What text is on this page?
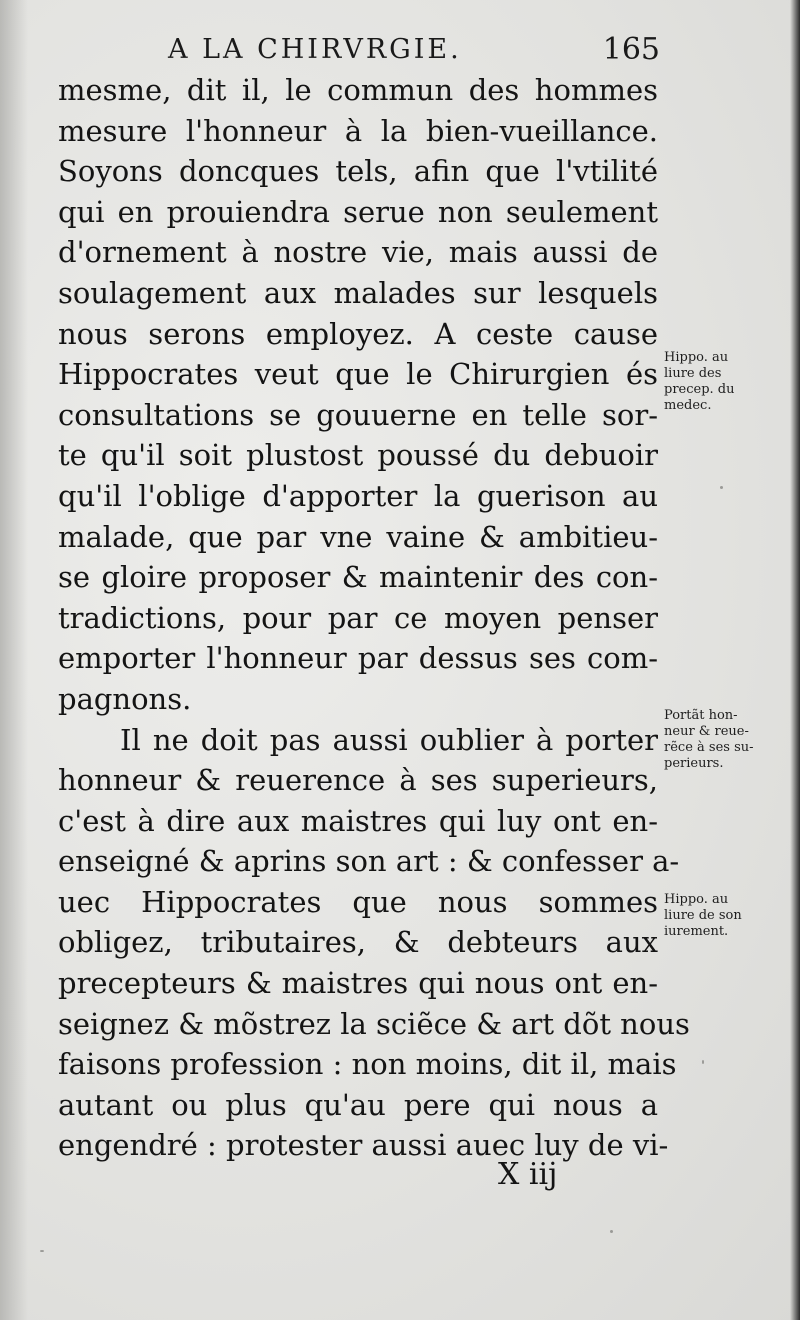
A LA CHIRVRGIE.	165
mesme, dit il, le commun des hommes
mesure l'honneur à la bien-vueillance.
Soyons doncques tels, afin que l'vtilité
qui en prouiendra serue non seulement
d'ornement à nostre vie, mais aussi de
soulagement aux malades sur lesquels
nous serons employez. A ceste cause
Hippocrates veut que le Chirurgien és
consultations se gouuerne en telle sor-
te qu'il soit plustost poussé du debuoir
qu'il l'oblige d'apporter la guerison au
malade, que par vne vaine & ambitieu-
se gloire proposer & maintenir des con-
tradictions, pour par ce moyen penser
emporter l'honneur par dessus ses com-
pagnons.
Il ne doit pas aussi oublier à porter
honneur & reuerence à ses superieurs,
c'est à dire aux maistres qui luy ont en-
enseigné & aprins son art : & confesser a-
uec Hippocrates que nous sommes
obligez, tributaires, & debteurs aux
precepteurs & maistres qui nous ont en-
seignez & mõstrez la sciẽce & art dõt nous
faisons profession : non moins, dit il, mais
autant ou plus qu'au pere qui nous a
engendré : protester aussi auec luy de vi-
Hippo. au
liure des
precep. du
medec.
Portãt hon-
neur & reue-
rẽce à ses su-
perieurs.
Hippo. au
liure de son
iurement.
X iij
